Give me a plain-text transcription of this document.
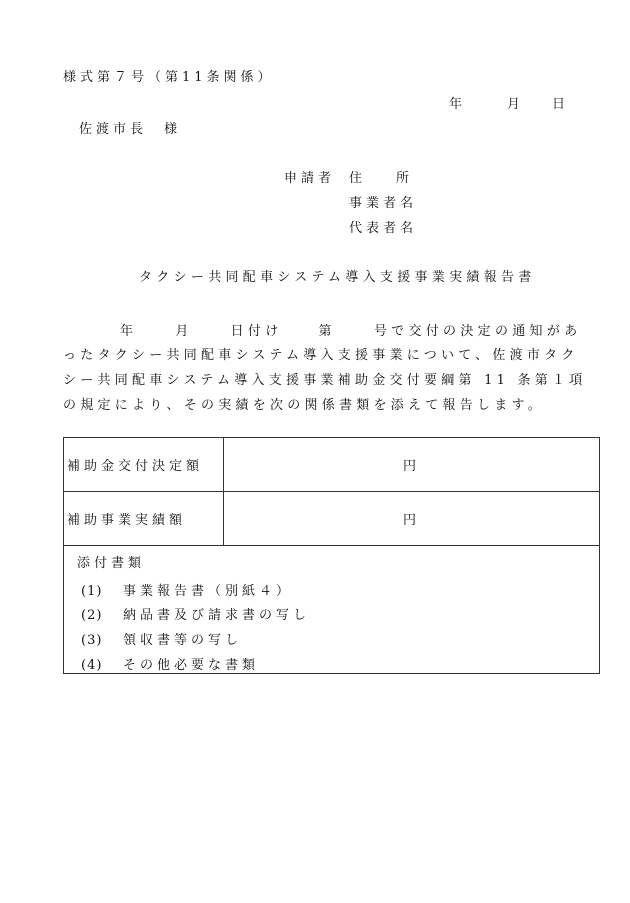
様式第７号（第11条関係）
年	月 日
佐渡市長　様
申請者 住	所
事業者名
代表者名
タクシー共同配車システム導入支援事業実績報告書
年	月	日付け	第	号で交付の決定の通知があ
ったタクシー共同配車システム導入支援事業について、佐渡市タク
シー共同配車システム導入支援事業補助金交付要綱第 11 条第１項
の規定により、その実績を次の関係書類を添えて報告します。
補助金交付決定額	円
補助事業実績額	円
添付書類
(1) 事業報告書（別紙４）
(2) 納品書及び請求書の写し
(3) 領収書等の写し
(4) その他必要な書類
